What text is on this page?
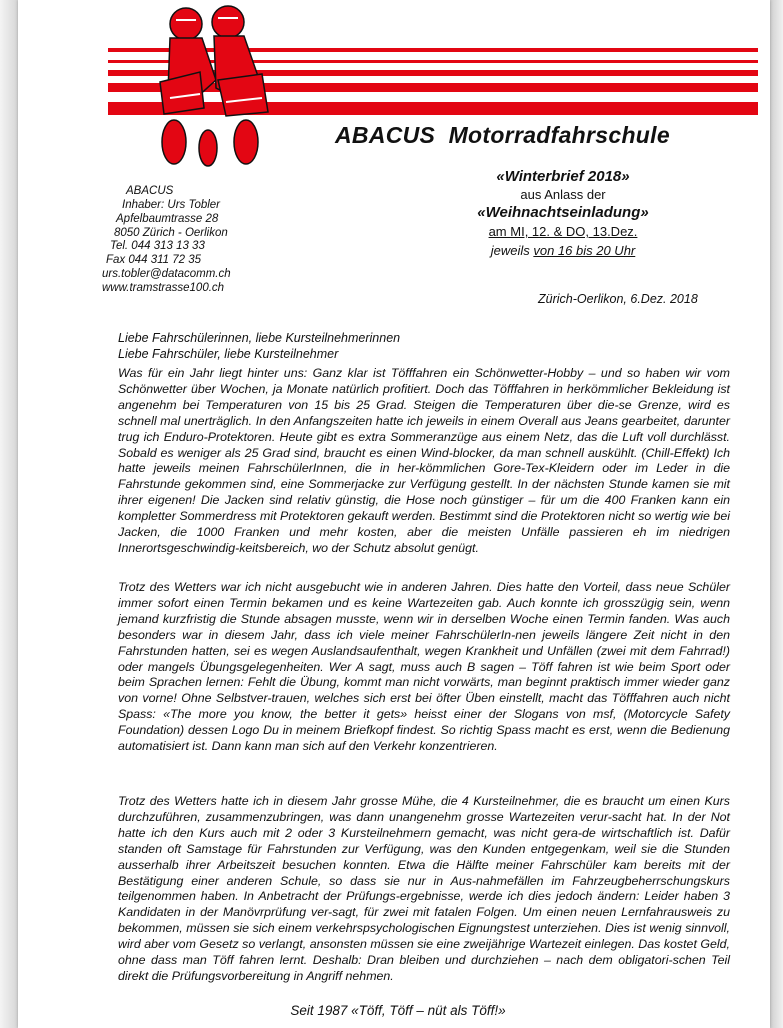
ABACUS  Motorradfahrschule
ABACUS
Inhaber: Urs Tobler
Apfelbaumtrasse 28
8050 Zürich - Oerlikon
Tel. 044 313 13 33
Fax 044 311 72 35
urs.tobler@datacomm.ch
www.tramstrasse100.ch
«Winterbrief 2018»
aus Anlass der
«Weihnachtseinladung»
am MI, 12. & DO, 13.Dez.
jeweils von 16 bis 20 Uhr
Zürich-Oerlikon, 6.Dez. 2018
Liebe Fahrschülerinnen, liebe Kursteilnehmerinnen
Liebe Fahrschüler, liebe Kursteilnehmer

Was für ein Jahr liegt hinter uns: Ganz klar ist Töfffahren ein Schönwetter-Hobby – und so haben wir vom Schönwetter über Wochen, ja Monate natürlich profitiert. Doch das Töfffahren in herkömmlicher Bekleidung ist angenehm bei Temperaturen von 15 bis 25 Grad. Steigen die Temperaturen über die-se Grenze, wird es schnell mal unerträglich. In den Anfangszeiten hatte ich jeweils in einem Overall aus Jeans gearbeitet, darunter trug ich Enduro-Protektoren. Heute gibt es extra Sommeranzüge aus einem Netz, das die Luft voll durchlässt. Sobald es weniger als 25 Grad sind, braucht es einen Wind-blocker, da man schnell auskühlt. (Chill-Effekt) Ich hatte jeweils meinen FahrschülerInnen, die in her-kömmlichen Gore-Tex-Kleidern oder im Leder in die Fahrstunde gekommen sind, eine Sommerjacke zur Verfügung gestellt. In der nächsten Stunde kamen sie mit ihrer eigenen! Die Jacken sind relativ günstig, die Hose noch günstiger – für um die 400 Franken kann ein kompletter Sommerdress mit Protektoren gekauft werden. Bestimmt sind die Protektoren nicht so wertig wie bei Jacken, die 1000 Franken und mehr kosten, aber die meisten Unfälle passieren eh im niedrigen Innerortsgeschwindig-keitsbereich, wo der Schutz absolut genügt.

Trotz des Wetters war ich nicht ausgebucht wie in anderen Jahren. Dies hatte den Vorteil, dass neue Schüler immer sofort einen Termin bekamen und es keine Wartezeiten gab. Auch konnte ich grosszügig sein, wenn jemand kurzfristig die Stunde absagen musste, wenn wir in derselben Woche einen Termin fanden. Was auch besonders war in diesem Jahr, dass ich viele meiner FahrschülerIn-nen jeweils längere Zeit nicht in den Fahrstunden hatten, sei es wegen Auslandsaufenthalt, wegen Krankheit und Unfällen (zwei mit dem Fahrrad!) oder mangels Übungsgelegenheiten. Wer A sagt, muss auch B sagen – Töff fahren ist wie beim Sport oder beim Sprachen lernen: Fehlt die Übung, kommt man nicht vorwärts, man beginnt praktisch immer wieder ganz von vorne! Ohne Selbstver-trauen, welches sich erst bei öfter Üben einstellt, macht das Töfffahren auch nicht Spass: «The more you know, the better it gets» heisst einer der Slogans von msf, (Motorcycle Safety Foundation) dessen Logo Du in meinem Briefkopf findest. So richtig Spass macht es erst, wenn die Bedienung automatisiert ist. Dann kann man sich auf den Verkehr konzentrieren.

Trotz des Wetters hatte ich in diesem Jahr grosse Mühe, die 4 Kursteilnehmer, die es braucht um einen Kurs durchzuführen, zusammenzubringen, was dann unangenehm grosse Wartezeiten verur-sacht hat. In der Not hatte ich den Kurs auch mit 2 oder 3 Kursteilnehmern gemacht, was nicht gera-de wirtschaftlich ist. Dafür standen oft Samstage für Fahrstunden zur Verfügung, was den Kunden entgegenkam, weil sie die Stunden ausserhalb ihrer Arbeitszeit besuchen konnten. Etwa die Hälfte meiner Fahrschüler kam bereits mit der Bestätigung einer anderen Schule, so dass sie nur in Aus-nahmefällen im Fahrzeugbeherrschungskurs teilgenommen haben. In Anbetracht der Prüfungs-ergebnisse, werde ich dies jedoch ändern: Leider haben 3 Kandidaten in der Manövrprüfung ver-sagt, für zwei mit fatalen Folgen. Um einen neuen Lernfahrausweis zu bekommen, müssen sie sich einem verkehrspsychologischen Eignungstest unterziehen. Dies ist wenig sinnvoll, wird aber vom Gesetz so verlangt, ansonsten müssen sie eine zweijährige Wartezeit einlegen. Das kostet Geld, ohne dass man Töff fahren lernt. Deshalb: Dran bleiben und durchziehen – nach dem obligatori-schen Teil direkt die Prüfungsvorbereitung in Angriff nehmen.

Seit 1987 «Töff, Töff – nüt als Töff!»
